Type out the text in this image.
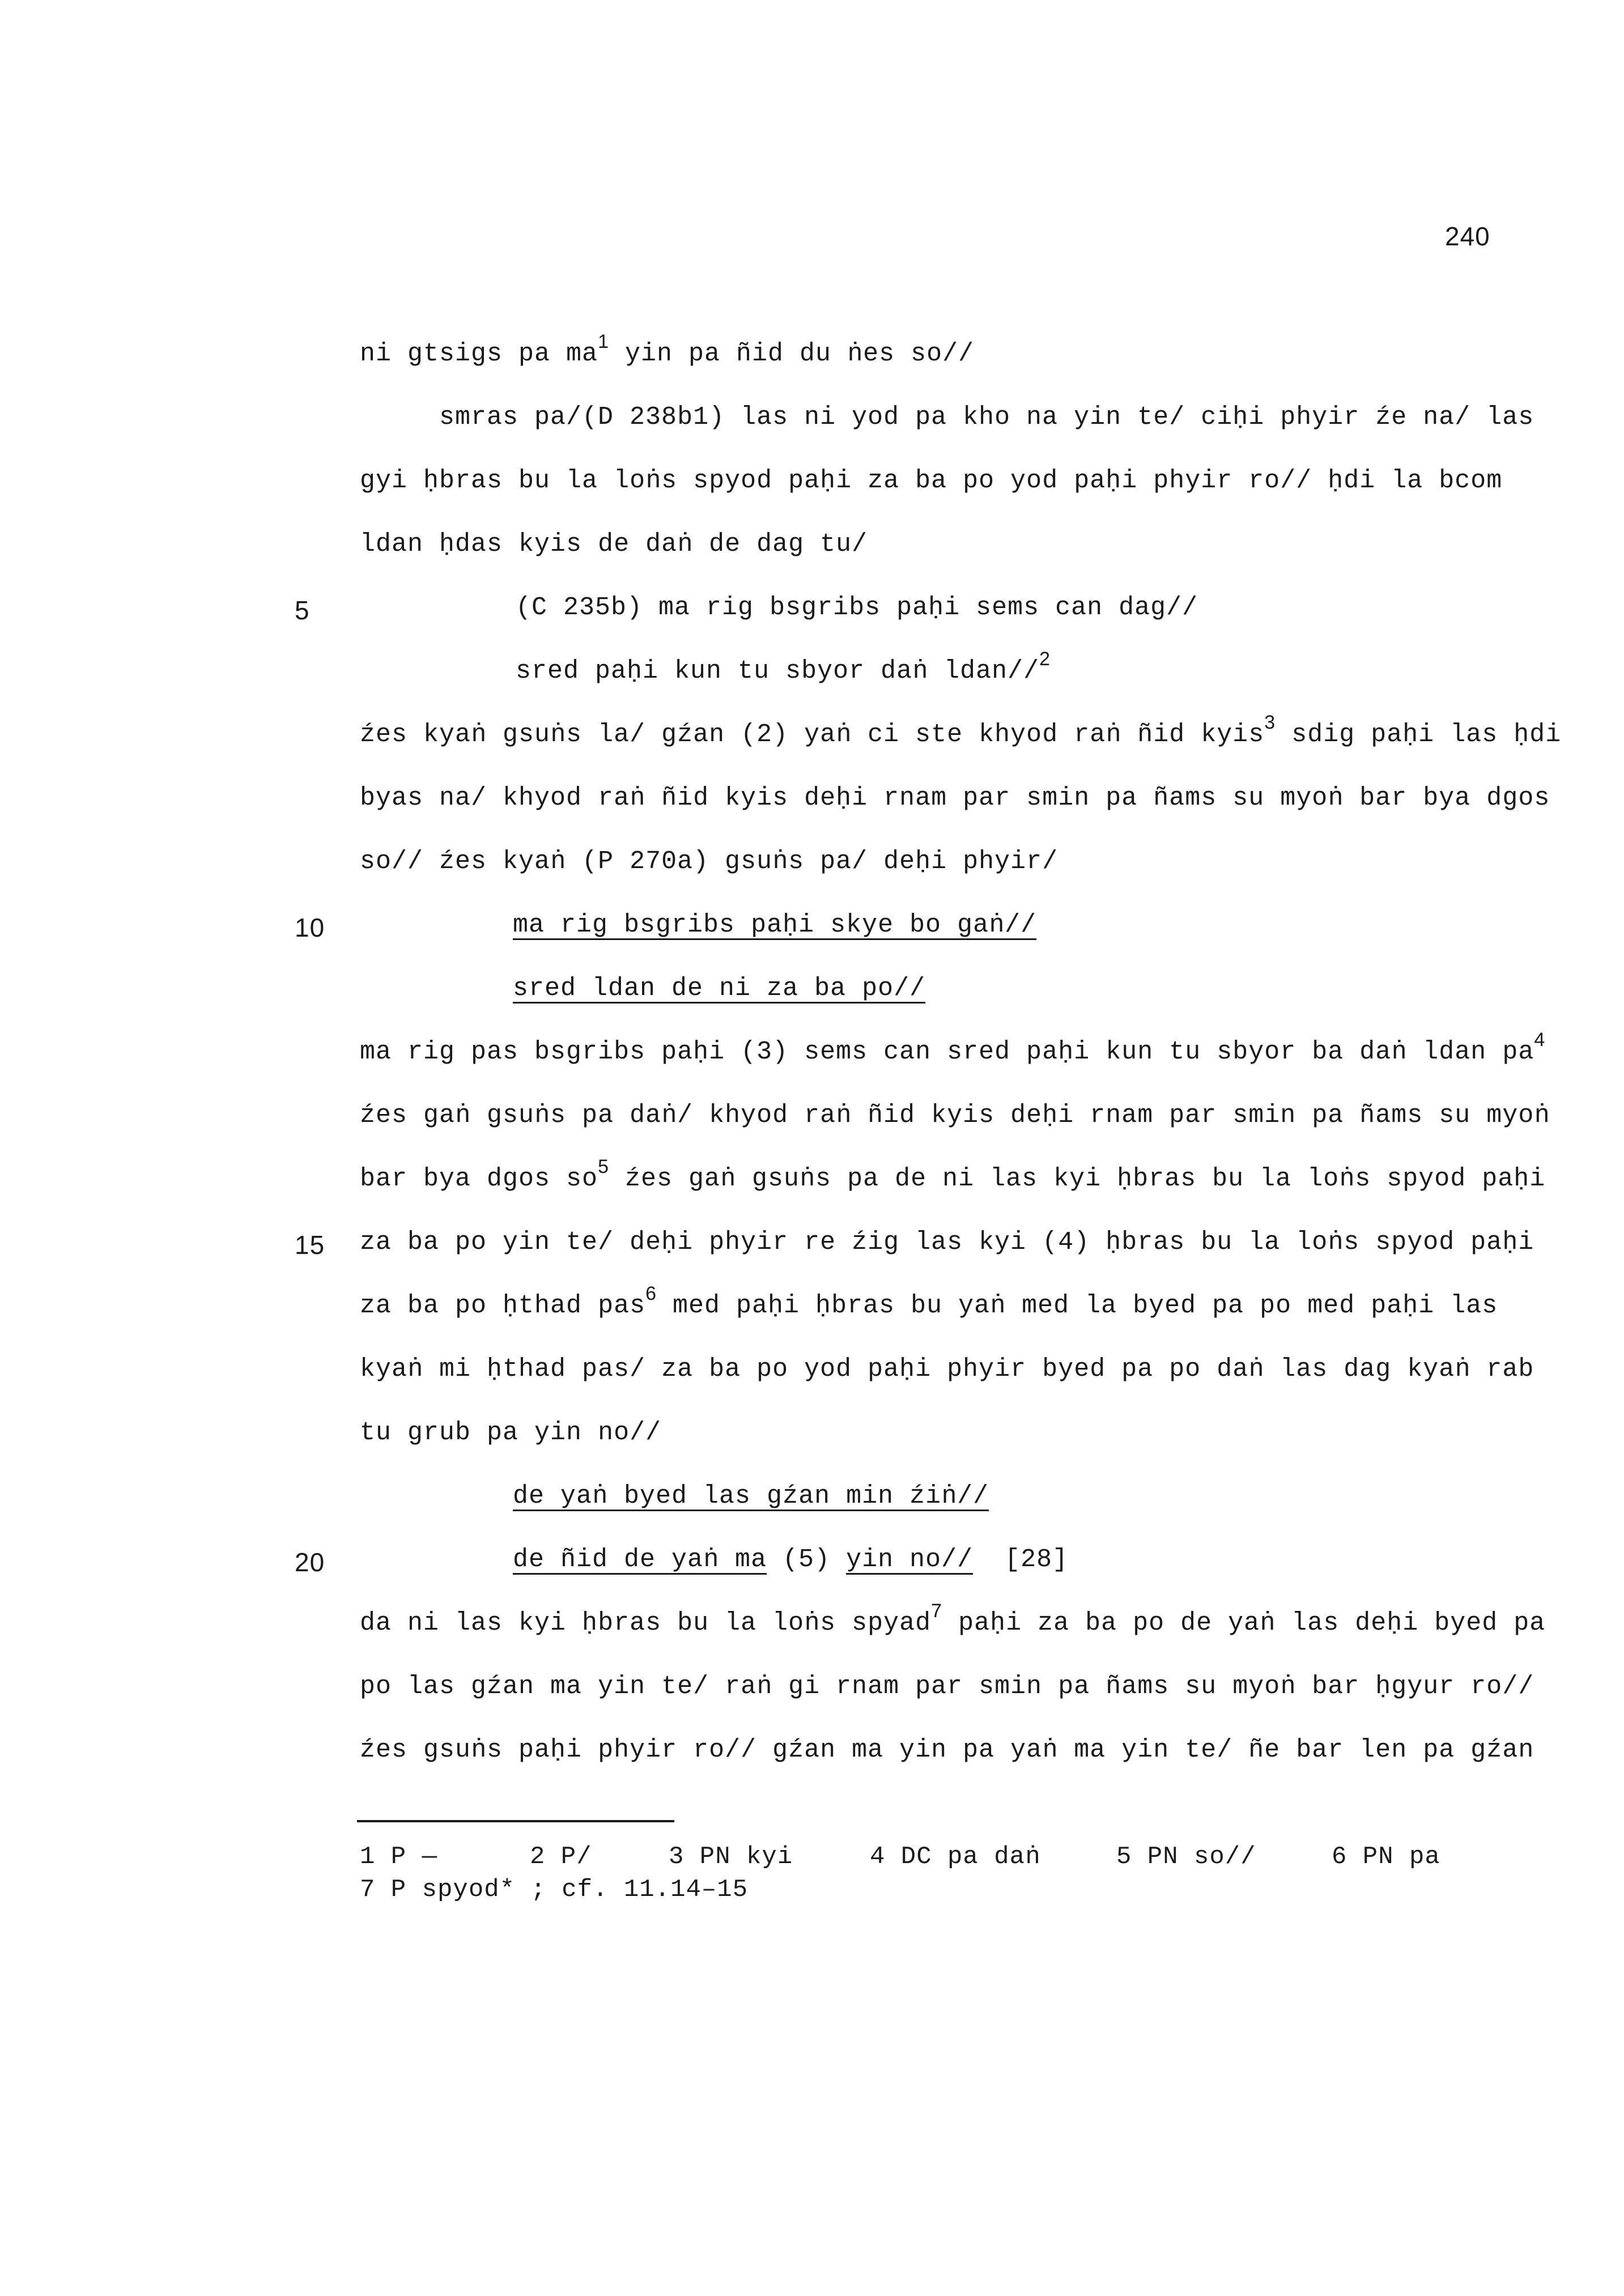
240
ni gtsigs pa $ma^1$ yin pa ñid du ṅes so//
smras pa/(D 238b1) las ni yod pa kho na yin te/ ciḥi phyir źe na/ las
gyi ḥbras bu la loṅs spyod paḥi za ba po yod paḥi phyir ro// ḥdi la bcom
ldan ḥdas kyis de daṅ de dag tu/
5	(C 235b) ma rig bsgribs paḥi sems can dag//
sred paḥi kun tu sbyor daṅ ldan//$^2$
źes kyaṅ gsuṅs la/ gźan (2) yaṅ ci ste khyod raṅ ñid kyis$^3$ sdig paḥi las ḥdi
byas na/ khyod raṅ ñid kyis deḥi rnam par smin pa ñams su myoṅ bar bya dgos
so// źes kyaṅ (P 270a) gsuṅs pa/ deḥi phyir/
10	ma rig bsgribs paḥi skye bo gaṅ//
sred ldan de ni za ba po//
ma rig pas bsgribs paḥi (3) sems can sred paḥi kun tu sbyor ba daṅ ldan $pa^4$
źes gaṅ gsuṅs pa daṅ/ khyod raṅ ñid kyis deḥi rnam par smin pa ñams su myoṅ
bar bya dgos $so^5$ źes gaṅ gsuṅs pa de ni las kyi ḥbras bu la loṅs spyod paḥi
15 za ba po yin te/ deḥi phyir re źig las kyi (4) ḥbras bu la loṅs spyod paḥi
za ba po ḥthad pas$^6$ med paḥi ḥbras bu yaṅ med la byed pa po med paḥi las
kyaṅ mi ḥthad pas/ za ba po yod paḥi phyir byed pa po daṅ las dag kyaṅ rab
tu grub pa yin no//
de yaṅ byed las gźan min źiṅ//
20	de ñid de yaṅ ma (5) yin no//  [28]
da ni las kyi ḥbras bu la loṅs spyad$^7$ paḥi za ba po de yaṅ las deḥi byed pa
po las gźan ma yin te/ raṅ gi rnam par smin pa ñams su myoṅ bar ḥgyur ro//
źes gsuṅs paḥi phyir ro// gźan ma yin pa yaṅ ma yin te/ ñe bar len pa gźan
1 P —	2 P/	3 PN kyi	4 DC pa daṅ	5 PN so//	6 PN pa
7 P spyod* ; cf. 11.14–15
